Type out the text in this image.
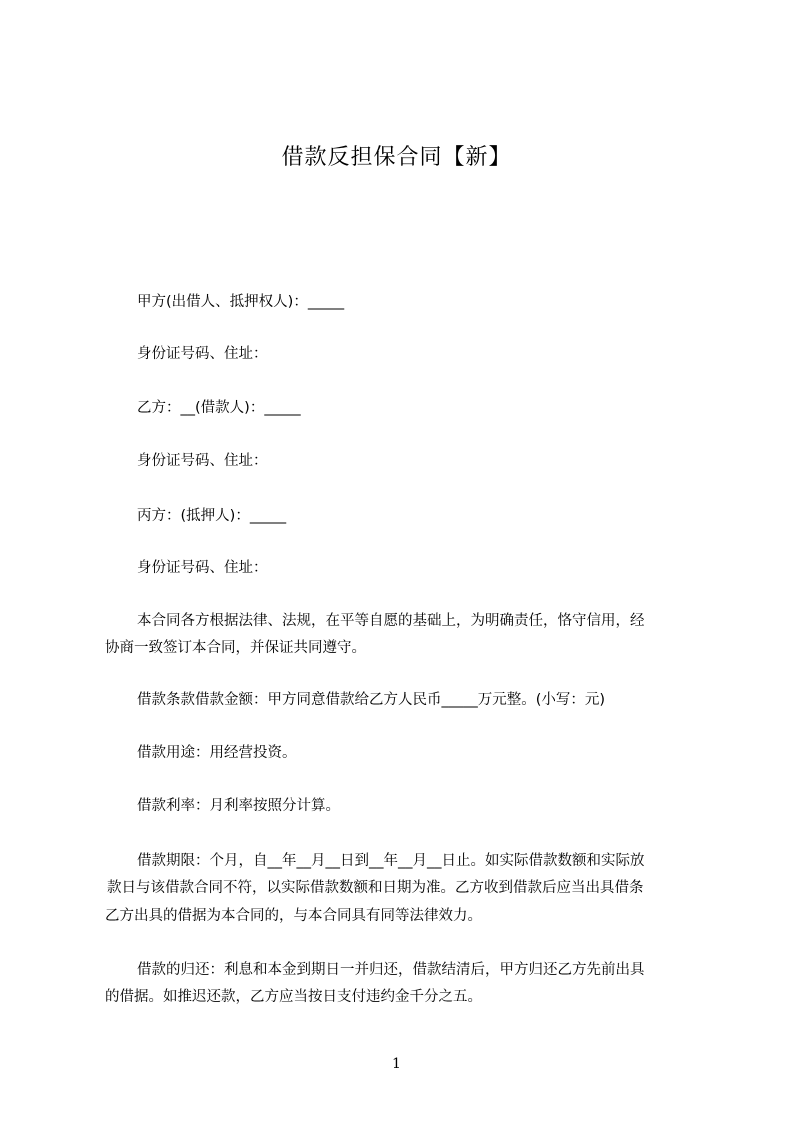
借款反担保合同【新】
甲方(出借人、抵押权人)：_____
身份证号码、住址：
乙方：__(借款人)：_____
身份证号码、住址：
丙方：(抵押人)：_____
身份证号码、住址：
本合同各方根据法律、法规，在平等自愿的基础上，为明确责任，恪守信用，经
协商一致签订本合同，并保证共同遵守。
借款条款借款金额：甲方同意借款给乙方人民币_____万元整。(小写：元)
借款用途：用经营投资。
借款利率：月利率按照分计算。
借款期限：个月，自__年__月__日到__年__月__日止。如实际借款数额和实际放
款日与该借款合同不符，以实际借款数额和日期为准。乙方收到借款后应当出具借条
乙方出具的借据为本合同的，与本合同具有同等法律效力。
借款的归还：利息和本金到期日一并归还，借款结清后，甲方归还乙方先前出具
的借据。如推迟还款，乙方应当按日支付违约金千分之五。
1
